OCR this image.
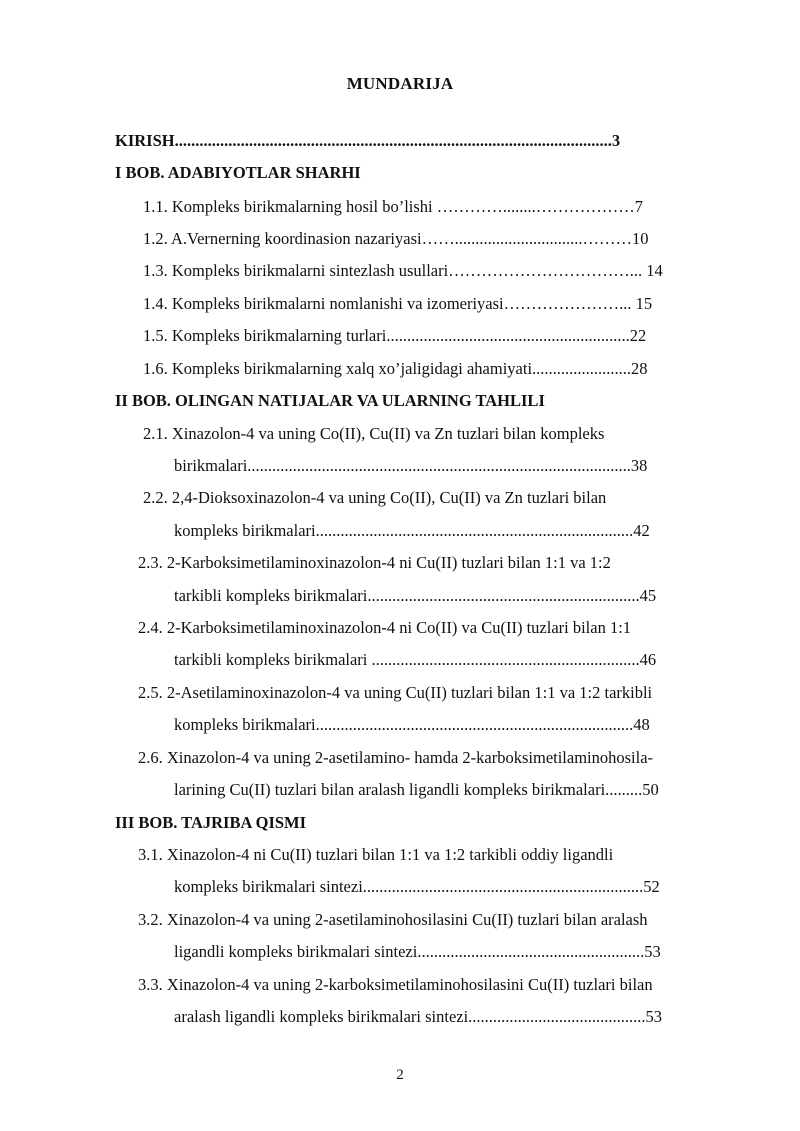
MUNDARIJA
KIRISH..........................................................................................................3
I BOB. ADABIYOTLAR SHARHI
1.1. Kompleks birikmalarning hosil bo’lishi …………........………………7
1.2. A.Vernerning koordinasion nazariyasi……...............................………10
1.3. Kompleks birikmalarni sintezlash usullari……………………………... 14
1.4. Kompleks birikmalarni nomlanishi va izomeriyasi…………………... 15
1.5. Kompleks birikmalarning turlari...........................................................22
1.6. Kompleks birikmalarning xalq xo’jaligidagi ahamiyati........................28
II BOB. OLINGAN NATIJALAR VA ULARNING TAHLILI
2.1. Xinazolon-4 va uning Co(II), Cu(II) va Zn tuzlari bilan kompleks
birikmalari.............................................................................................38
2.2. 2,4-Dioksoxinazolon-4 va uning Co(II), Cu(II) va Zn tuzlari bilan
kompleks birikmalari.............................................................................42
2.3. 2-Karboksimetilaminoxinazolon-4 ni Cu(II) tuzlari bilan 1:1 va 1:2
tarkibli kompleks birikmalari..................................................................45
2.4. 2-Karboksimetilaminoxinazolon-4 ni Co(II) va Cu(II) tuzlari bilan 1:1
tarkibli kompleks birikmalari .................................................................46
2.5. 2-Asetilaminoxinazolon-4 va uning Cu(II) tuzlari bilan 1:1 va 1:2 tarkibli
kompleks birikmalari.............................................................................48
2.6. Xinazolon-4 va uning 2-asetilamino- hamda 2-karboksimetilaminohosila-
larining Cu(II) tuzlari bilan aralash ligandli kompleks birikmalari.........50
III BOB. TAJRIBA QISMI
3.1. Xinazolon-4 ni Cu(II) tuzlari bilan 1:1 va 1:2 tarkibli oddiy ligandli
kompleks birikmalari sintezi....................................................................52
3.2. Xinazolon-4 va uning 2-asetilaminohosilasini Cu(II) tuzlari bilan aralash
ligandli kompleks birikmalari sintezi.......................................................53
3.3. Xinazolon-4 va uning 2-karboksimetilaminohosilasini Cu(II) tuzlari bilan
aralash ligandli kompleks birikmalari sintezi...........................................53
2
